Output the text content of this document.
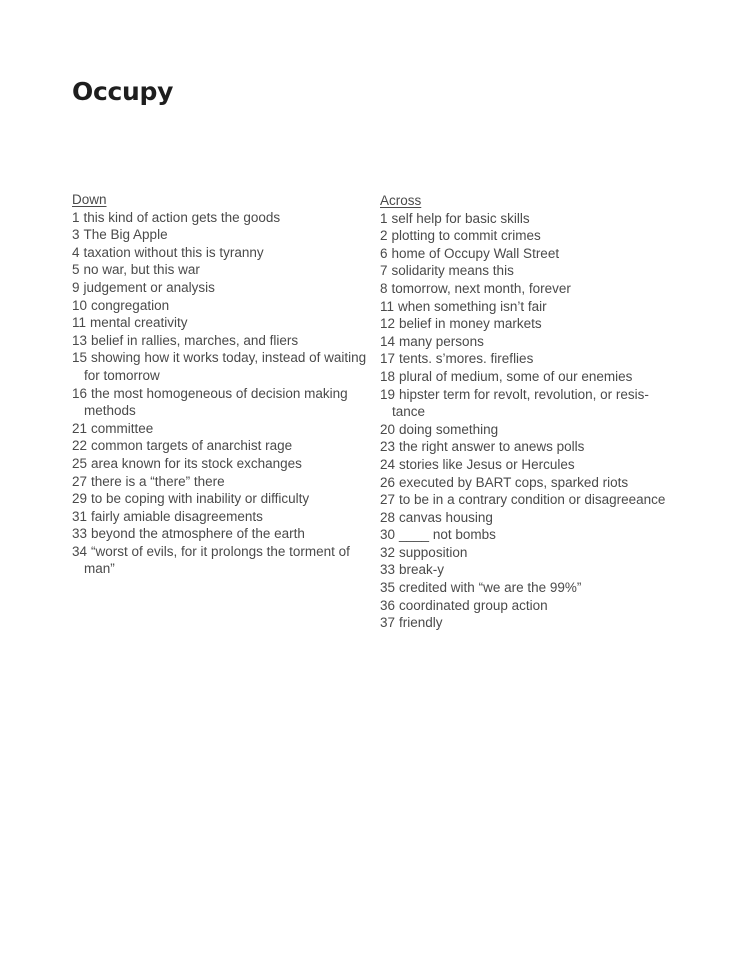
Occupy
Down
1 this kind of action gets the goods
3 The Big Apple
4 taxation without this is tyranny
5 no war, but this war
9 judgement or analysis
10 congregation
11 mental creativity
13 belief in rallies, marches, and fliers
15 showing how it works today, instead of waiting for tomorrow
16 the most homogeneous of decision making methods
21 committee
22 common targets of anarchist rage
25 area known for its stock exchanges
27 there is a “there” there
29 to be coping with inability or difficulty
31 fairly amiable disagreements
33 beyond the atmosphere of the earth
34 “worst of evils, for it prolongs the torment of man”
Across
1 self help for basic skills
2 plotting to commit crimes
6 home of Occupy Wall Street
7 solidarity means this
8 tomorrow, next month, forever
11 when something isn’t fair
12 belief in money markets
14 many persons
17 tents. s’mores. fireflies
18 plural of medium, some of our enemies
19 hipster term for revolt, revolution, or resis-tance
20 doing something
23 the right answer to anews polls
24 stories like Jesus or Hercules
26 executed by BART cops, sparked riots
27 to be in a contrary condition or disagreeance
28 canvas housing
30 ____ not bombs
32 supposition
33 break-y
35 credited with “we are the 99%”
36 coordinated group action
37 friendly
